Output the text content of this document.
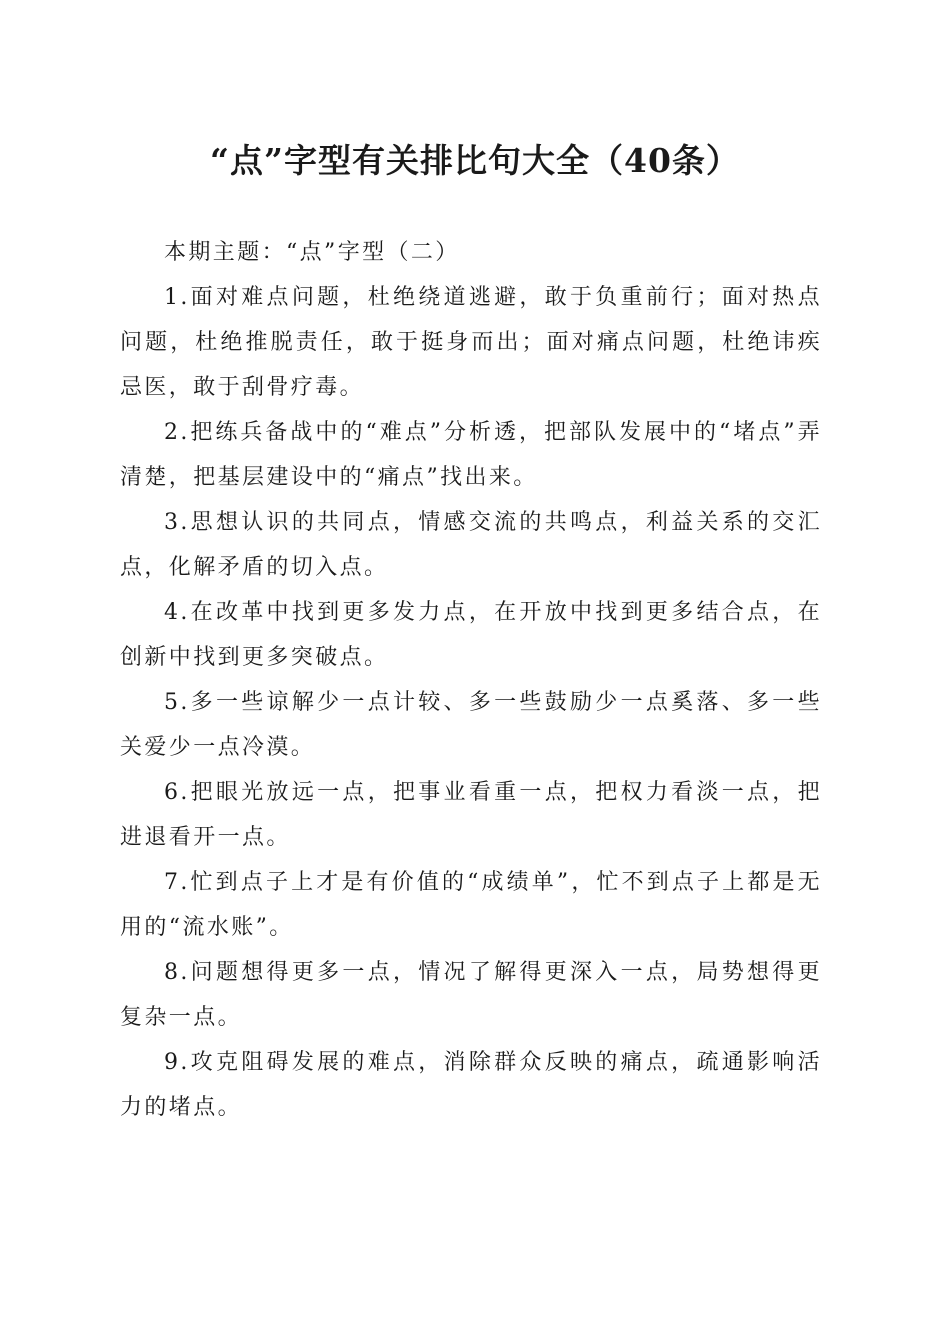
“点”字型有关排比句大全（40条）

本期主题：“点”字型（二）

1.面对难点问题，杜绝绕道逃避，敢于负重前行；面对热点问题，杜绝推脱责任，敢于挺身而出；面对痛点问题，杜绝讳疾忌医，敢于刮骨疗毒。

2.把练兵备战中的“难点”分析透，把部队发展中的“堵点”弄清楚，把基层建设中的“痛点”找出来。

3.思想认识的共同点，情感交流的共鸣点，利益关系的交汇点，化解矛盾的切入点。

4.在改革中找到更多发力点，在开放中找到更多结合点，在创新中找到更多突破点。

5.多一些谅解少一点计较、多一些鼓励少一点奚落、多一些关爱少一点冷漠。

6.把眼光放远一点，把事业看重一点，把权力看淡一点，把进退看开一点。

7.忙到点子上才是有价值的“成绩单”，忙不到点子上都是无用的“流水账”。

8.问题想得更多一点，情况了解得更深入一点，局势想得更复杂一点。

9.攻克阻碍发展的难点，消除群众反映的痛点，疏通影响活力的堵点。
